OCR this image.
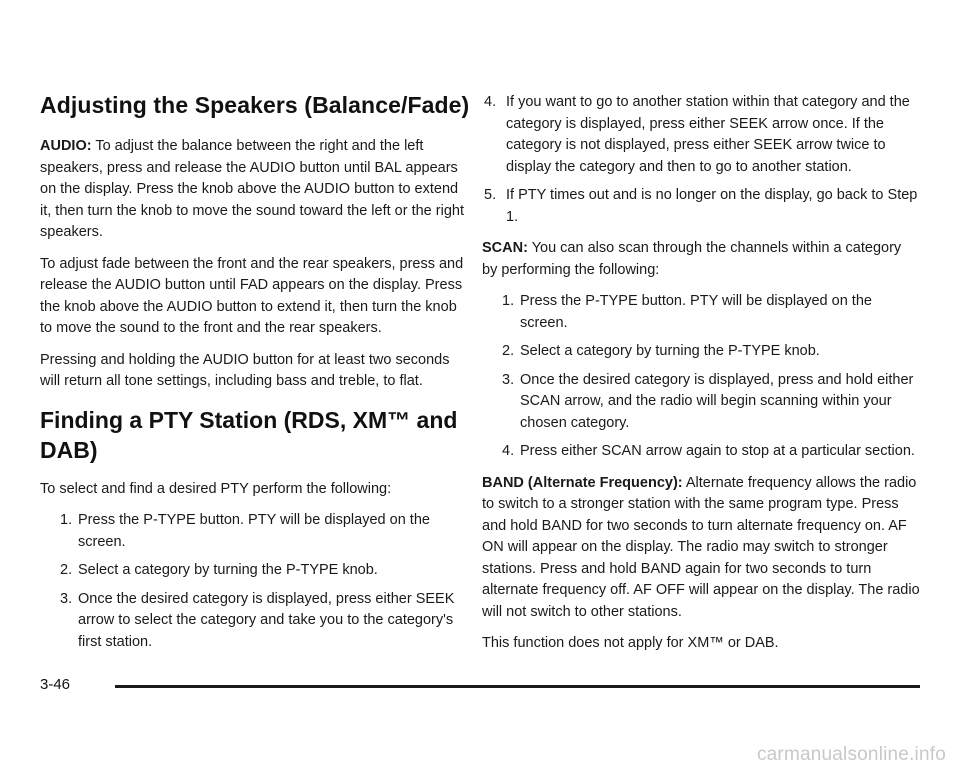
Adjusting the Speakers (Balance/Fade)

AUDIO: To adjust the balance between the right and the left speakers, press and release the AUDIO button until BAL appears on the display. Press the knob above the AUDIO button to extend it, then turn the knob to move the sound toward the left or the right speakers.

To adjust fade between the front and the rear speakers, press and release the AUDIO button until FAD appears on the display. Press the knob above the AUDIO button to extend it, then turn the knob to move the sound to the front and the rear speakers.

Pressing and holding the AUDIO button for at least two seconds will return all tone settings, including bass and treble, to flat.

Finding a PTY Station (RDS, XM™ and DAB)

To select and find a desired PTY perform the following:

1. Press the P-TYPE button. PTY will be displayed on the screen.
2. Select a category by turning the P-TYPE knob.
3. Once the desired category is displayed, press either SEEK arrow to select the category and take you to the category's first station.
4. If you want to go to another station within that category and the category is displayed, press either SEEK arrow once. If the category is not displayed, press either SEEK arrow twice to display the category and then to go to another station.
5. If PTY times out and is no longer on the display, go back to Step 1.

SCAN: You can also scan through the channels within a category by performing the following:

1. Press the P-TYPE button. PTY will be displayed on the screen.
2. Select a category by turning the P-TYPE knob.
3. Once the desired category is displayed, press and hold either SCAN arrow, and the radio will begin scanning within your chosen category.
4. Press either SCAN arrow again to stop at a particular section.

BAND (Alternate Frequency): Alternate frequency allows the radio to switch to a stronger station with the same program type. Press and hold BAND for two seconds to turn alternate frequency on. AF ON will appear on the display. The radio may switch to stronger stations. Press and hold BAND again for two seconds to turn alternate frequency off. AF OFF will appear on the display. The radio will not switch to other stations.

This function does not apply for XM™ or DAB.

3-46
carmanualsonline.info
